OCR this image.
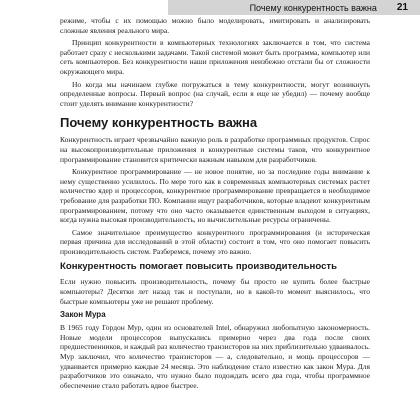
Почему конкурентность важна 21

режиме, чтобы с их помощью можно было моделировать, имитировать и анализировать сложные явления реального мира.

Принцип конкурентности в компьютерных технологиях заключается в том, что система работает сразу с несколькими задачами. Такой системой может быть программа, компьютер или сеть компьютеров. Без конкурентности наши приложения неизбежно отстали бы от сложности окружающего мира.

Но когда мы начинаем глубже погружаться в тему конкурентности, могут возникнуть определенные вопросы. Первый вопрос (на случай, если я еще не убедил) — почему вообще стоит уделять внимание конкурентности?

Почему конкурентность важна

Конкурентность играет чрезвычайно важную роль в разработке программных продуктов. Спрос на высокопроизводительные приложения и конкурентные системы таков, что конкурентное программирование становится критически важным навыком для разработчиков.

Конкурентное программирование — не новое понятие, но за последние годы внимание к нему существенно усилилось. По мере того как в современных компьютерных системах растет количество ядер и процессоров, конкурентное программирование превращается в необходимое требование для разработки ПО. Компании ищут разработчиков, которые владеют конкурентным программированием, потому что оно часто оказывается единственным выходом в ситуациях, когда нужна высокая производительность, но вычислительные ресурсы ограничены.

Самое значительное преимущество конкурентного программирования (и историческая первая причина для исследований в этой области) состоит в том, что оно помогает повысить производительность систем. Разберемся, почему это важно.

Конкурентность помогает повысить производительность

Если нужно повысить производительность, почему бы просто не купить более быстрые компьютеры? Десятки лет назад так и поступали, но в какой-то момент выяснилось, что быстрые компьютеры уже не решают проблему.

Закон Мура

В 1965 году Гордон Мур, один из основателей Intel, обнаружил любопытную закономерность. Новые модели процессоров выпускались примерно через два года после своих предшественников, и каждый раз количество транзисторов на них приблизительно удваивалось. Мур заключил, что количество транзисторов — а, следовательно, и мощь процессоров — удваивается примерно каждые 24 месяца. Это наблюдение стало известно как закон Мура. Для разработчиков это означало, что нужно было подождать всего два года, чтобы программное обеспечение стало работать вдвое быстрее.
